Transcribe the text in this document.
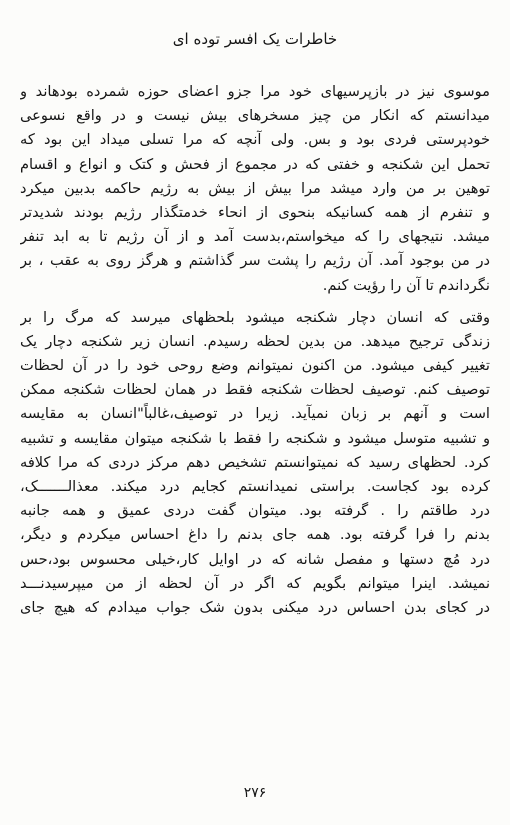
خاطرات یک افسر توده ای
موسوی نیز در بازپرسیهای خود مرا جزو اعضای حوزه شمرده بودهاند و
میدانستم که انکار من چیز مسخرهای بیش نیست و در واقع نسوعی
خودپرستی فردی بود و بس. ولی آنچه که مرا تسلی میداد این بود که
تحمل این شکنجه و خفتی که در مجموع از فحش و کتک و انواع و اقسام
توهین بر من وارد میشد مرا بیش از بیش به رژیم حاکمه بدبین میکرد
و تنفرم از همه کسانیکه بنحوی از انحاء خدمتگذار رژیم بودند شدیدتر
میشد. نتیجهای را که میخواستم،بدست آمد و از آن رژیم تا به ابد تنفر
در من بوجود آمد. آن رژیم را پشت سر گذاشتم و هرگز روی به عقب ، بر
نگرداندم تا آن را رؤیت کنم.
وقتی که انسان دچار شکنجه میشود بلحظهای میرسد که مرگ را بر
زندگی ترجیح میدهد. من بدین لحظه رسیدم. انسان زیر شکنجه دچار یک
تغییر کیفی میشود. من اکنون نمیتوانم وضع روحی خود را در آن لحظات
توصیف کنم. توصیف لحظات شکنجه فقط در همان لحظات شکنجه ممکن
است و آنهم بر زبان نمیآید. زیرا در توصیف،غالباً"انسان به مقایسه
و تشبیه متوسل میشود و شکنجه را فقط با شکنجه میتوان مقایسه و تشبیه
کرد. لحظهای رسید که نمیتوانستم تشخیص دهم مرکز دردی که مرا کلافه
کرده بود کجاست. براستی نمیدانستم کجایم درد میکند. معذالـــــــک،
درد طاقتم را . گرفته بود. میتوان گفت دردی عمیق و همه جانبه
بدنم را فرا گرفته بود. همه جای بدنم را داغ احساس میکردم و دیگر،
درد مُچ دستها و مفصل شانه که در اوایل کار،خیلی محسوس بود،حس
نمیشد. اینرا میتوانم بگویم که اگر در آن لحظه از من میپرسیدنـــد
در کجای بدن احساس درد میکنی بدون شک جواب میدادم که هیچ جای
۲۷۶
